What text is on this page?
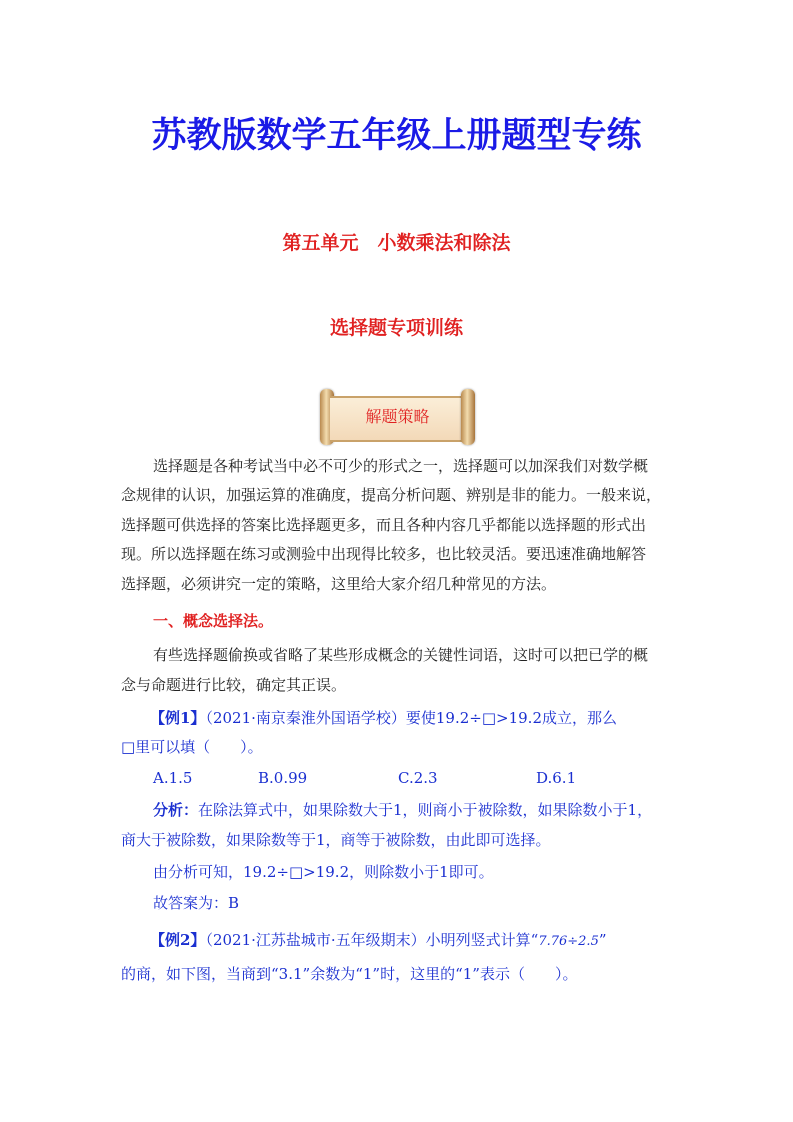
苏教版数学五年级上册题型专练
第五单元　小数乘法和除法
选择题专项训练
解题策略
选择题是各种考试当中必不可少的形式之一，选择题可以加深我们对数学概
念规律的认识，加强运算的准确度，提高分析问题、辨别是非的能力。一般来说，
选择题可供选择的答案比选择题更多，而且各种内容几乎都能以选择题的形式出
现。所以选择题在练习或测验中出现得比较多，也比较灵活。要迅速准确地解答
选择题，必须讲究一定的策略，这里给大家介绍几种常见的方法。
一、概念选择法。
有些选择题偷换或省略了某些形成概念的关键性词语，这时可以把已学的概
念与命题进行比较，确定其正误。
【例1】（2021·南京秦淮外国语学校）要使19.2÷□>19.2成立，那么
□里可以填（　　）。
A.1.5	B.0.99	C.2.3	D.6.1
分析：在除法算式中，如果除数大于1，则商小于被除数，如果除数小于1，
商大于被除数，如果除数等于1，商等于被除数，由此即可选择。
由分析可知，19.2÷□>19.2，则除数小于1即可。
故答案为：B
【例2】（2021·江苏盐城市·五年级期末）小明列竖式计算“7.76÷2.5”
的商，如下图，当商到“3.1”余数为“1”时，这里的“1”表示（　　）。
